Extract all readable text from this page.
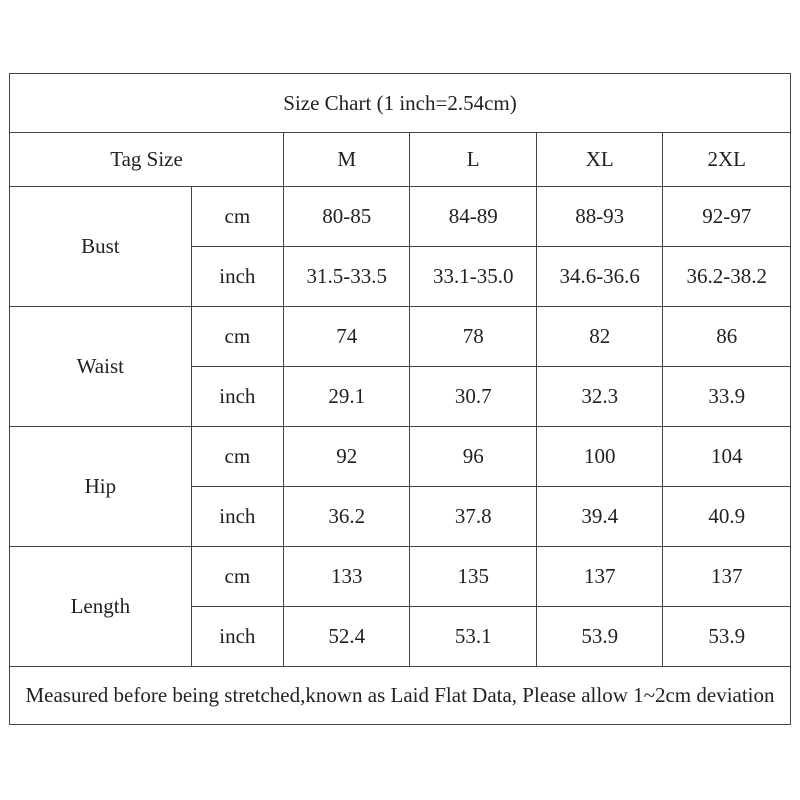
Size Chart (1 inch=2.54cm)					
Tag Size		M	L	XL	2XL
Bust	cm	80-85	84-89	88-93	92-97
	inch	31.5-33.5	33.1-35.0	34.6-36.6	36.2-38.2
Waist	cm	74	78	82	86
	inch	29.1	30.7	32.3	33.9
Hip	cm	92	96	100	104
	inch	36.2	37.8	39.4	40.9
Length	cm	133	135	137	137
	inch	52.4	53.1	53.9	53.9
Measured before being stretched,known as Laid Flat Data, Please allow 1~2cm deviation					
